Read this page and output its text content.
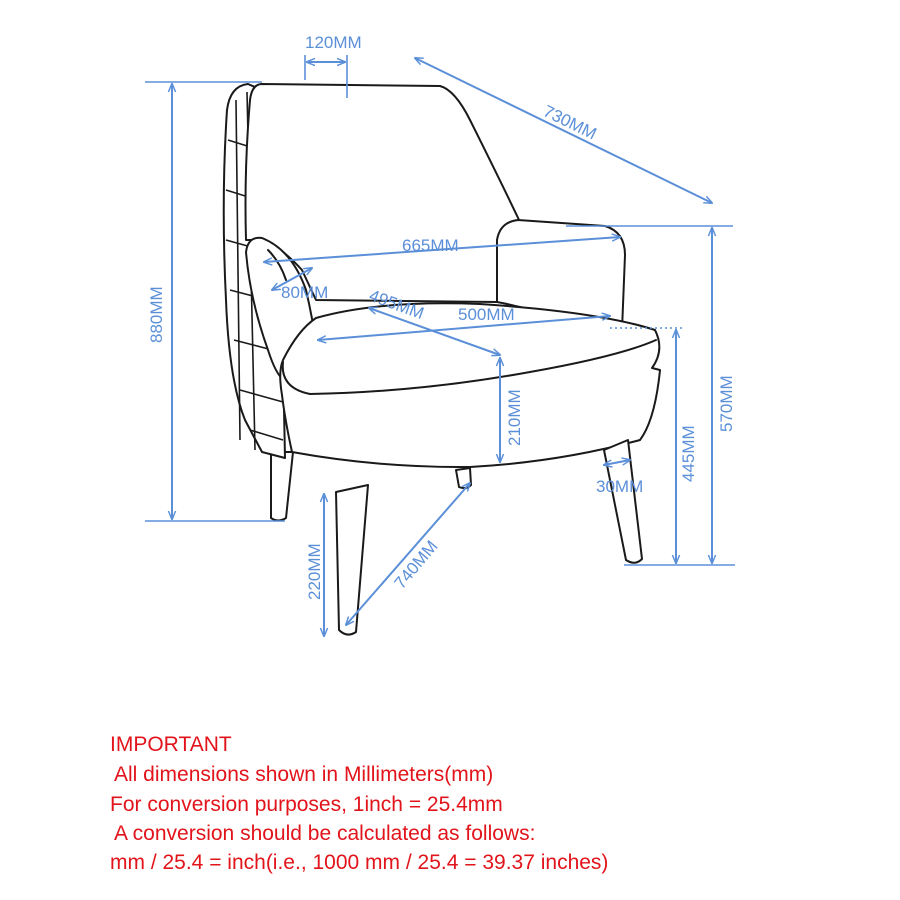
120MM
730MM
665MM
80MM 495MM 500MM
880MM
210MM
445MM
570MM
30MM
220MM	740MM
IMPORTANT
All dimensions shown in Millimeters(mm)
For conversion purposes, 1inch = 25.4mm
A conversion should be calculated as follows:
mm / 25.4 = inch(i.e., 1000 mm / 25.4 = 39.37 inches)
